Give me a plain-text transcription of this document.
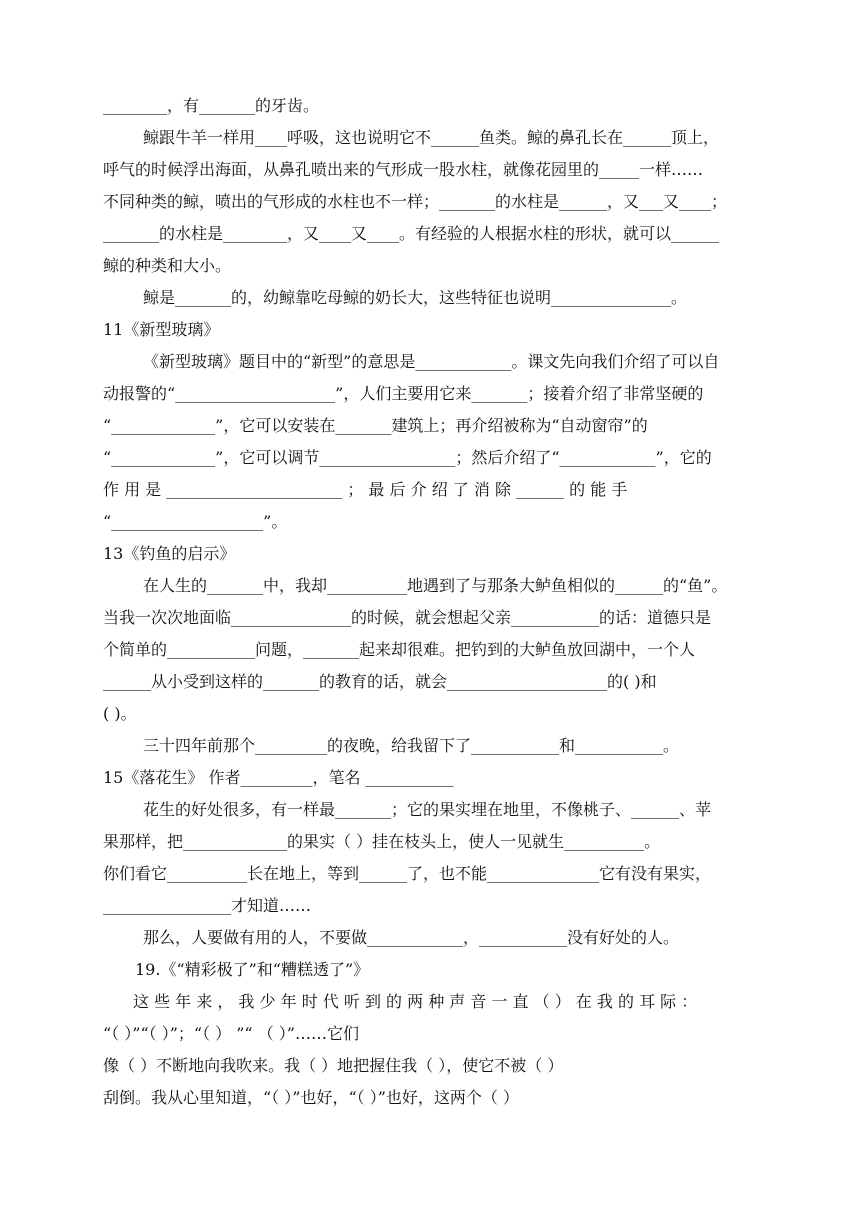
________，有_______的牙齿。
鲸跟牛羊一样用____呼吸，这也说明它不______鱼类。鲸的鼻孔长在______顶上，
呼气的时候浮出海面，从鼻孔喷出来的气形成一股水柱，就像花园里的_____一样……
不同种类的鲸，喷出的气形成的水柱也不一样；_______的水柱是______，又___又____；
_______的水柱是________，又____又____。有经验的人根据水柱的形状，就可以______
鲸的种类和大小。
鲸是_______的，幼鲸靠吃母鲸的奶长大，这些特征也说明_______________。
11《新型玻璃》
《新型玻璃》题目中的“新型”的意思是____________。课文先向我们介绍了可以自
动报警的“____________________”，人们主要用它来_______；接着介绍了非常坚硬的
“_____________”，它可以安装在_______建筑上；再介绍被称为“自动窗帘”的
“_____________”，它可以调节_________________；然后介绍了“____________”，它的
作 用 是 ______________________ ； 最 后 介 绍 了 消 除 ______ 的 能 手
“___________________”。
13《钓鱼的启示》
在人生的_______中，我却__________地遇到了与那条大鲈鱼相似的______的“鱼”。
当我一次次地面临_______________的时候，就会想起父亲___________的话：道德只是
个简单的___________问题，_______起来却很难。把钓到的大鲈鱼放回湖中，一个人
______从小受到这样的_______的教育的话，就会____________________的( )和
( )。
三十四年前那个_________的夜晚，给我留下了___________和___________。
15《落花生》 作者_________，笔名 ___________
花生的好处很多，有一样最_______；它的果实埋在地里，不像桃子、______、苹
果那样，把_____________的果实（ ）挂在枝头上，使人一见就生__________。
你们看它__________长在地上，等到______了，也不能______________它有没有果实，
________________才知道……
那么，人要做有用的人，不要做____________，___________没有好处的人。
19.《“精彩极了”和“糟糕透了”》
这 些 年 来 ， 我 少 年 时 代 听 到 的 两 种 声 音 一 直 （ ） 在 我 的 耳 际 ：
“（ ）”“（ ）”；“（ ） ”“ （ ）”……它们
像（ ）不断地向我吹来。我（ ）地把握住我（ ），使它不被（ ）
刮倒。我从心里知道，“（ ）”也好，“（ ）”也好，这两个（ ）
